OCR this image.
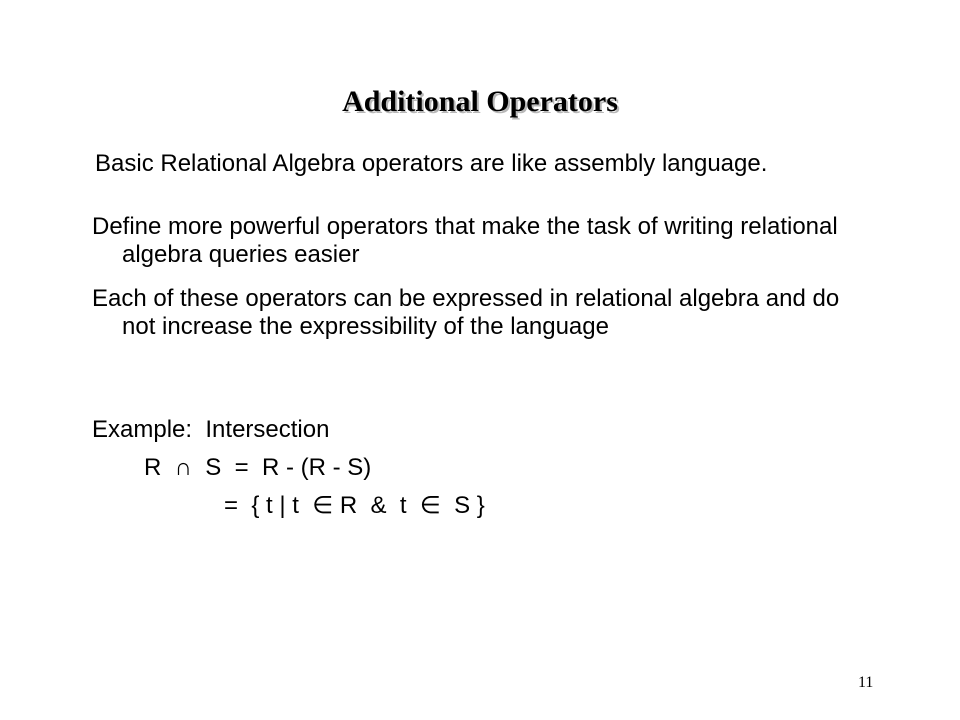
Additional Operators
Basic Relational Algebra operators are like assembly language.
Define more powerful operators that make the task of writing relational algebra queries easier
Each of these operators can be expressed in relational algebra and do not increase the expressibility of the language
Example:  Intersection
R  ∩  S  =  R - (R - S)
=  { t | t  ∈ R  &  t  ∈  S }
11
